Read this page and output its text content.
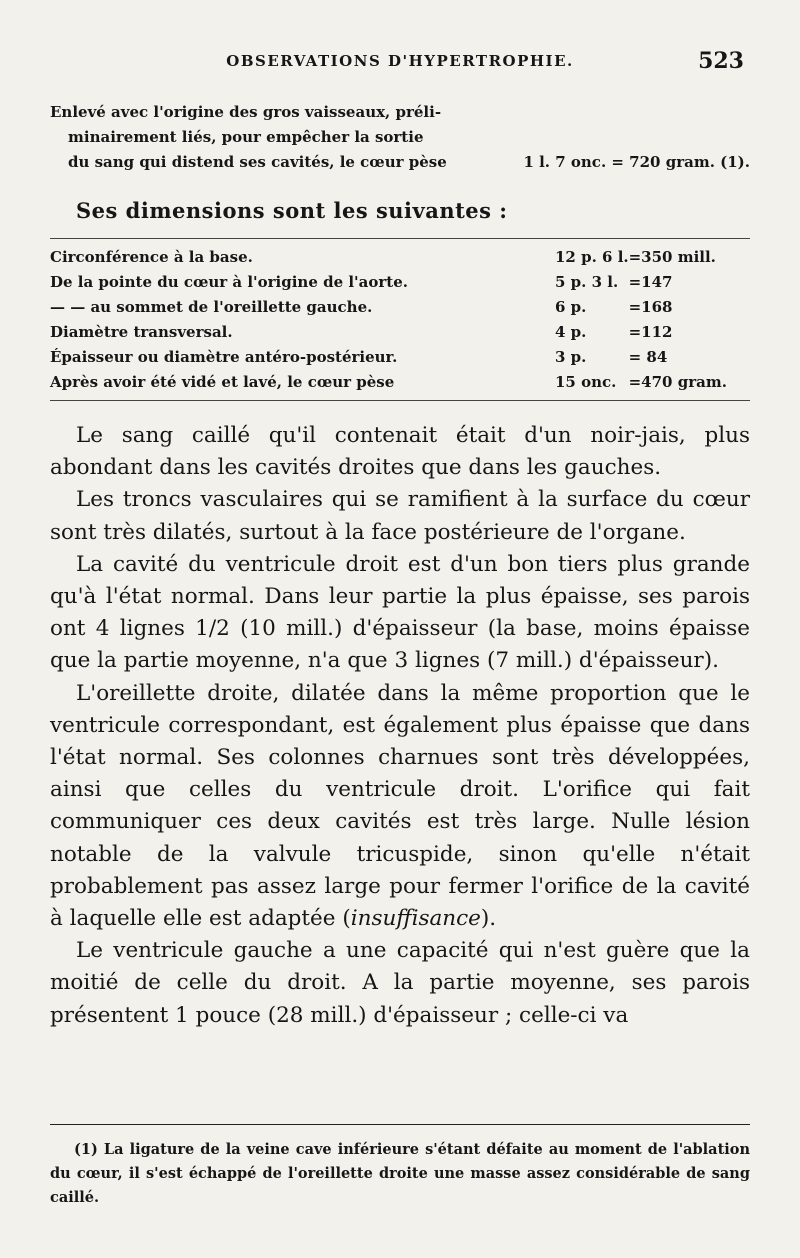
OBSERVATIONS D'HYPERTROPHIE.	523
Enlevé avec l'origine des gros vaisseaux, préli-
minairement liés, pour empêcher la sortie
du sang qui distend ses cavités, le cœur pèse	1 l. 7 onc. = 720 gram. (1).
Ses dimensions sont les suivantes :
Circonférence à la base.	12 p. 6 l.	=350 mill.
De la pointe du cœur à l'origine de l'aorte.	5 p. 3 l.	=147
— — au sommet de l'oreillette gauche.	6 p.	=168
Diamètre transversal.	4 p.	=112
Épaisseur ou diamètre antéro-postérieur.	3 p.	= 84
Après avoir été vidé et lavé, le cœur pèse	15 onc.	=470 gram.

Le sang caillé qu'il contenait était d'un noir-jais, plus abondant dans les cavités droites que dans les gauches.

Les troncs vasculaires qui se ramifient à la surface du cœur sont très dilatés, surtout à la face postérieure de l'organe.

La cavité du ventricule droit est d'un bon tiers plus grande qu'à l'état normal. Dans leur partie la plus épaisse, ses parois ont 4 lignes 1/2 (10 mill.) d'épaisseur (la base, moins épaisse que la partie moyenne, n'a que 3 lignes (7 mill.) d'épaisseur).

L'oreillette droite, dilatée dans la même proportion que le ventricule correspondant, est également plus épaisse que dans l'état normal. Ses colonnes charnues sont très développées, ainsi que celles du ventricule droit. L'orifice qui fait communiquer ces deux cavités est très large. Nulle lésion notable de la valvule tricuspide, sinon qu'elle n'était probablement pas assez large pour fermer l'orifice de la cavité à laquelle elle est adaptée (insuffisance).

Le ventricule gauche a une capacité qui n'est guère que la moitié de celle du droit. A la partie moyenne, ses parois présentent 1 pouce (28 mill.) d'épaisseur ; celle-ci va

(1) La ligature de la veine cave inférieure s'étant défaite au moment de l'ablation du cœur, il s'est échappé de l'oreillette droite une masse assez considérable de sang caillé.
